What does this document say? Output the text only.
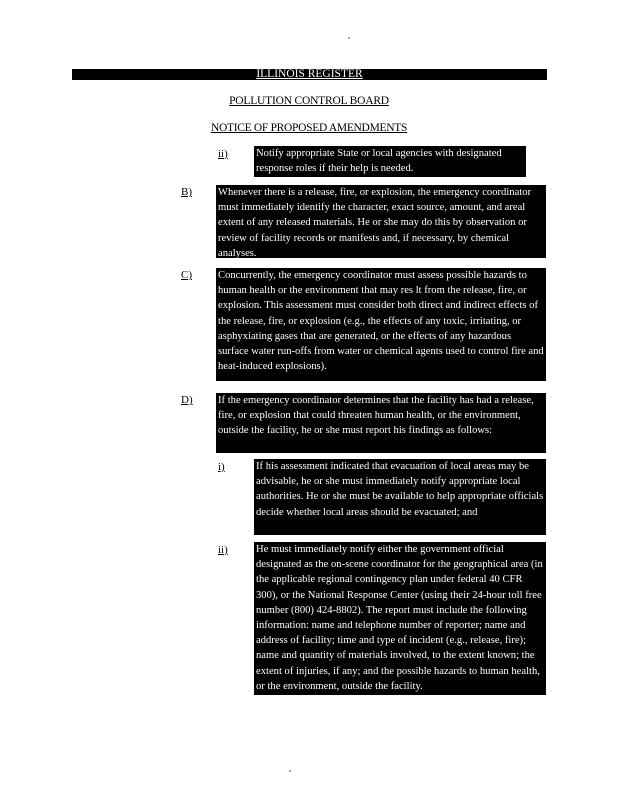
ILLINOIS REGISTER
POLLUTION CONTROL BOARD
NOTICE OF PROPOSED AMENDMENTS
ii)	Notify appropriate State or local agencies with designated response roles if their help is needed.
B) Whenever there is a release, fire, or explosion, the emergency coordinator must immediately identify the character, exact source, amount, and areal extent of any released materials. He or she may do this by observation or review of facility records or manifests and, if necessary, by chemical analyses.
C) Concurrently, the emergency coordinator must assess possible hazards to human health or the environment that may res lt from the release, fire, or explosion. This assessment must consider both direct and indirect effects of the release, fire, or explosion (e.g., the effects of any toxic, irritating, or asphyxiating gases that are generated, or the effects of any hazardous surface water run-offs from water or chemical agents used to control fire and heat-induced explosions).
D) If the emergency coordinator determines that the facility has had a release, fire, or explosion that could threaten human health, or the environment, outside the facility, he or she must report his findings as follows:
i)	If his assessment indicated that evacuation of local areas may be advisable, he or she must immediately notify appropriate local authorities. He or she must be available to help appropriate officials decide whether local areas should be evacuated; and
ii)	He must immediately notify either the government official designated as the on-scene coordinator for the geographical area (in the applicable regional contingency plan under federal 40 CFR 300), or the National Response Center (using their 24-hour toll free number (800) 424-8802). The report must include the following information: name and telephone number of reporter; name and address of facility; time and type of incident (e.g., release, fire); name and quantity of materials involved, to the extent known; the extent of injuries, if any; and the possible hazards to human health, or the environment, outside the facility.
